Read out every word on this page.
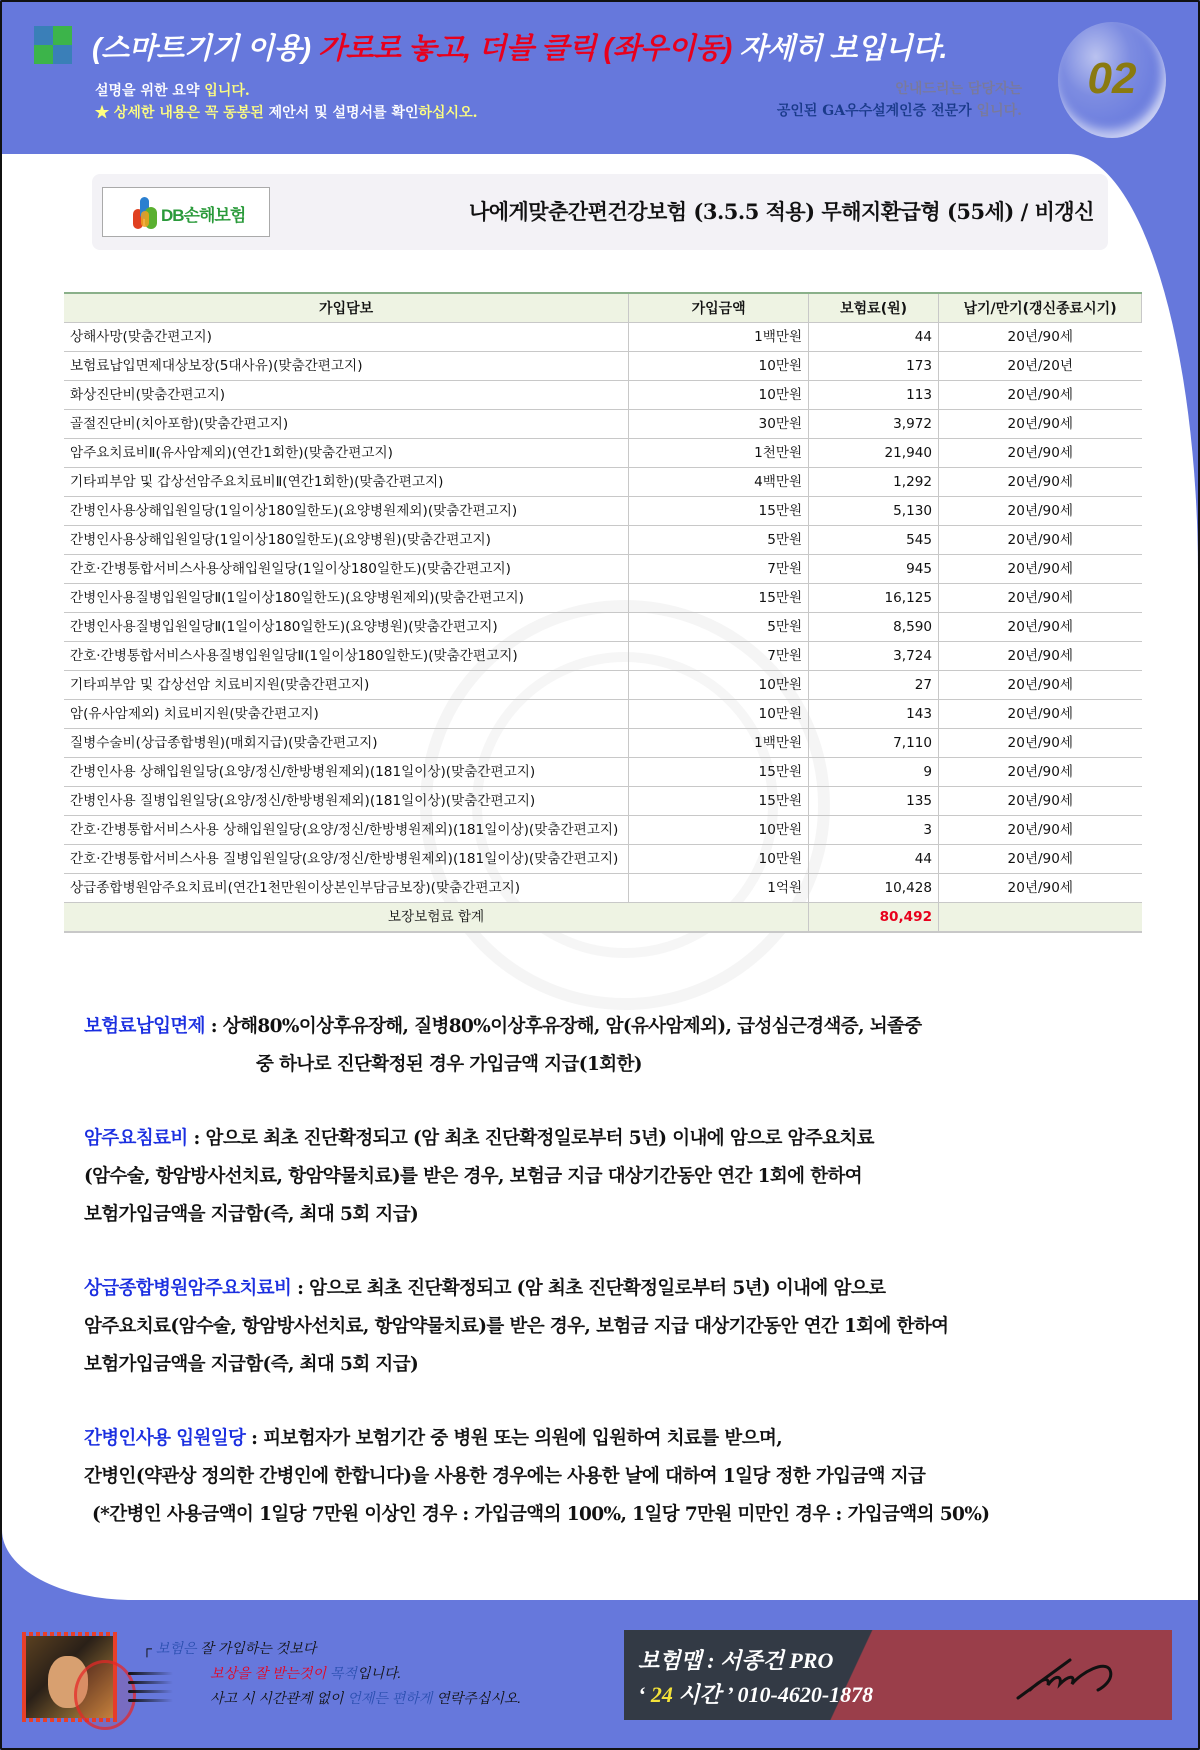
(스마트기기 이용) 가로로 놓고, 더블 클릭 (좌우이동) 자세히 보입니다.
설명을 위한 요약 입니다.
★ 상세한 내용은 꼭 동봉된 제안서 및 설명서를 확인하십시오.
안내드리는 담당자는
공인된 GA우수설계인증 전문가 입니다.
02
DB손해보험	나에게맞춘간편건강보험 (3.5.5 적용) 무해지환급형 (55세) / 비갱신
가입담보	가입금액	보험료(원)	납기/만기(갱신종료시기)
상해사망(맞춤간편고지)	1백만원	44	20년/90세
보험료납입면제대상보장(5대사유)(맞춤간편고지)	10만원	173	20년/20년
화상진단비(맞춤간편고지)	10만원	113	20년/90세
골절진단비(치아포함)(맞춤간편고지)	30만원	3,972	20년/90세
암주요치료비Ⅱ(유사암제외)(연간1회한)(맞춤간편고지)	1천만원	21,940	20년/90세
기타피부암 및 갑상선암주요치료비Ⅱ(연간1회한)(맞춤간편고지)	4백만원	1,292	20년/90세
간병인사용상해입원일당(1일이상180일한도)(요양병원제외)(맞춤간편고지)	15만원	5,130	20년/90세
간병인사용상해입원일당(1일이상180일한도)(요양병원)(맞춤간편고지)	5만원	545	20년/90세
간호·간병통합서비스사용상해입원일당(1일이상180일한도)(맞춤간편고지)	7만원	945	20년/90세
간병인사용질병입원일당Ⅱ(1일이상180일한도)(요양병원제외)(맞춤간편고지)	15만원	16,125	20년/90세
간병인사용질병입원일당Ⅱ(1일이상180일한도)(요양병원)(맞춤간편고지)	5만원	8,590	20년/90세
간호·간병통합서비스사용질병입원일당Ⅱ(1일이상180일한도)(맞춤간편고지)	7만원	3,724	20년/90세
기타피부암 및 갑상선암 치료비지원(맞춤간편고지)	10만원	27	20년/90세
암(유사암제외) 치료비지원(맞춤간편고지)	10만원	143	20년/90세
질병수술비(상급종합병원)(매회지급)(맞춤간편고지)	1백만원	7,110	20년/90세
간병인사용 상해입원일당(요양/정신/한방병원제외)(181일이상)(맞춤간편고지)	15만원	9	20년/90세
간병인사용 질병입원일당(요양/정신/한방병원제외)(181일이상)(맞춤간편고지)	15만원	135	20년/90세
간호·간병통합서비스사용 상해입원일당(요양/정신/한방병원제외)(181일이상)(맞춤간편고지)	10만원	3	20년/90세
간호·간병통합서비스사용 질병입원일당(요양/정신/한방병원제외)(181일이상)(맞춤간편고지)	10만원	44	20년/90세
상급종합병원암주요치료비(연간1천만원이상본인부담금보장)(맞춤간편고지)	1억원	10,428	20년/90세
보장보험료 합계		80,492	
보험료납입면제 : 상해80%이상후유장해, 질병80%이상후유장해, 암(유사암제외), 급성심근경색증, 뇌졸중
중 하나로 진단확정된 경우 가입금액 지급(1회한)
암주요침료비 : 암으로 최초 진단확정되고 (암 최초 진단확정일로부터 5년) 이내에 암으로 암주요치료
(암수술, 항암방사선치료, 항암약물치료)를 받은 경우, 보험금 지급 대상기간동안 연간 1회에 한하여
보험가입금액을 지급함(즉, 최대 5회 지급)
상급종합병원암주요치료비 : 암으로 최초 진단확정되고 (암 최초 진단확정일로부터 5년) 이내에 암으로
암주요치료(암수술, 항암방사선치료, 항암약물치료)를 받은 경우, 보험금 지급 대상기간동안 연간 1회에 한하여
보험가입금액을 지급함(즉, 최대 5회 지급)
간병인사용 입원일당 : 피보험자가 보험기간 중 병원 또는 의원에 입원하여 치료를 받으며,
간병인(약관상 정의한 간병인에 한합니다)을 사용한 경우에는 사용한 날에 대하여 1일당 정한 가입금액 지급
(*간병인 사용금액이 1일당 7만원 이상인 경우 : 가입금액의 100%, 1일당 7만원 미만인 경우 : 가입금액의 50%)
┌ 보험은 잘 가입하는 것보다
보상을 잘 받는것이 목적입니다.
사고 시 시간관계 없이 언제든 편하게 연락주십시오.
보험맵 : 서종건 PRO
‘ 24 시간 ’ 010-4620-1878
